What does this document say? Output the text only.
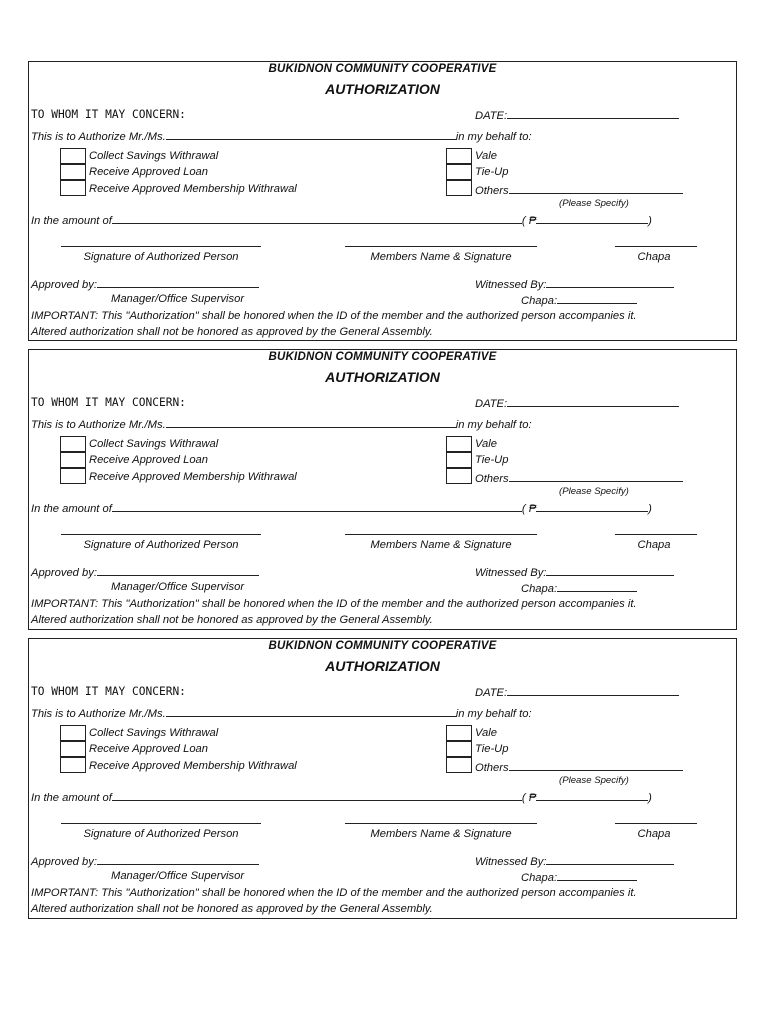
BUKIDNON COMMUNITY COOPERATIVE
AUTHORIZATION
TO WHOM IT MAY CONCERN:	DATE:
This is to Authorize Mr./Ms.	in my behalf to:
Collect Savings Withrawal
Receive Approved Loan
Receive Approved Membership Withrawal
Vale
Tie-Up
Others
(Please Specify)
In the amount of	( ₱	)
Signature of Authorized Person	Members Name & Signature	Chapa
Approved by:
Manager/Office Supervisor
Witnessed By:
Chapa:
IMPORTANT: This "Authorization" shall be honored when the ID of the member and the authorized person accompanies it.
Altered authorization shall not be honored as approved by the General Assembly.
BUKIDNON COMMUNITY COOPERATIVE
AUTHORIZATION
TO WHOM IT MAY CONCERN:	DATE:
This is to Authorize Mr./Ms.	in my behalf to:
Collect Savings Withrawal
Receive Approved Loan
Receive Approved Membership Withrawal
Vale
Tie-Up
Others
(Please Specify)
In the amount of	( ₱	)
Signature of Authorized Person	Members Name & Signature	Chapa
Approved by:
Manager/Office Supervisor
Witnessed By:
Chapa:
IMPORTANT: This "Authorization" shall be honored when the ID of the member and the authorized person accompanies it.
Altered authorization shall not be honored as approved by the General Assembly.
BUKIDNON COMMUNITY COOPERATIVE
AUTHORIZATION
TO WHOM IT MAY CONCERN:	DATE:
This is to Authorize Mr./Ms.	in my behalf to:
Collect Savings Withrawal
Receive Approved Loan
Receive Approved Membership Withrawal
Vale
Tie-Up
Others
(Please Specify)
In the amount of	( ₱	)
Signature of Authorized Person	Members Name & Signature	Chapa
Approved by:
Manager/Office Supervisor
Witnessed By:
Chapa:
IMPORTANT: This "Authorization" shall be honored when the ID of the member and the authorized person accompanies it.
Altered authorization shall not be honored as approved by the General Assembly.
